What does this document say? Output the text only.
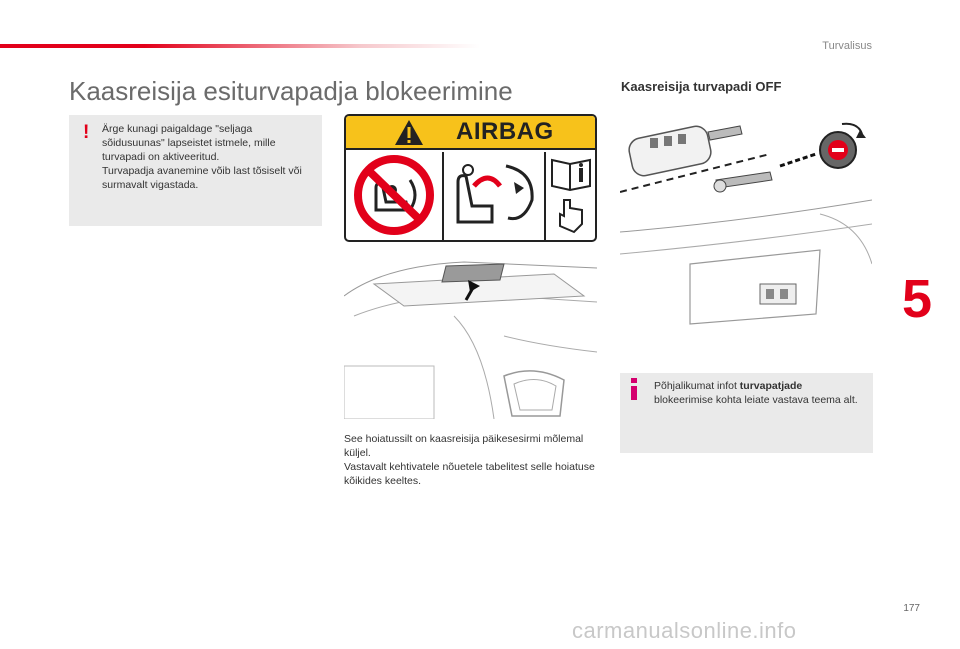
Turvalisus
5
Kaasreisija esiturvapadja blokeerimine
! Ärge kunagi paigaldage "seljaga sõidusuunas" lapseistet istmele, mille turvapadi on aktiveeritud.
Turvapadja avanemine võib last tõsiselt või surmavalt vigastada.
AIRBAG
See hoiatussilt on kaasreisija päikesesirmi mõlemal küljel.
Vastavalt kehtivatele nõuetele tabelitest selle hoiatuse kõikides keeltes.
Kaasreisija turvapadi OFF
Põhjalikumat infot turvapatjade blokeerimise kohta leiate vastava teema alt.
177
carmanualsonline.info
